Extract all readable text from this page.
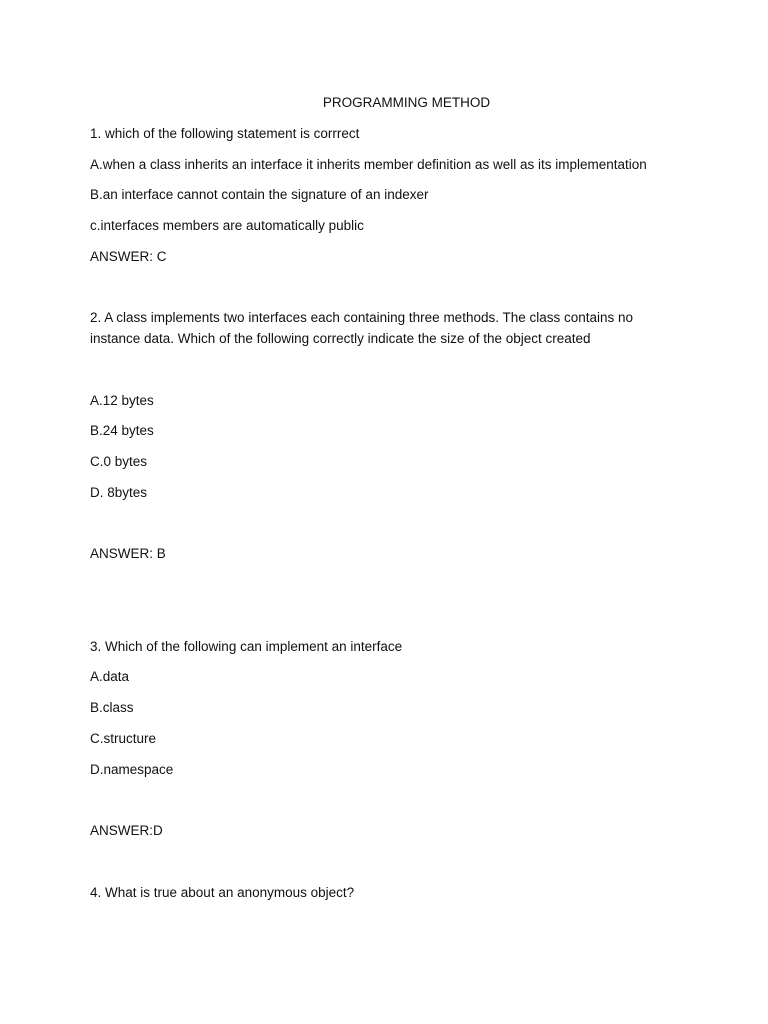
PROGRAMMING METHOD
1. which of the following statement is corrrect
A.when a class inherits an interface it inherits member definition as well as its implementation
B.an interface cannot contain the signature of an indexer
c.interfaces members are automatically public
ANSWER: C
2. A class implements two interfaces each containing three methods. The class contains no instance data. Which of the following correctly indicate the size of the object created
A.12 bytes
B.24 bytes
C.0 bytes
D. 8bytes
ANSWER: B
3. Which of the following can implement an interface
A.data
B.class
C.structure
D.namespace
ANSWER:D
4. What is true about an anonymous object?
